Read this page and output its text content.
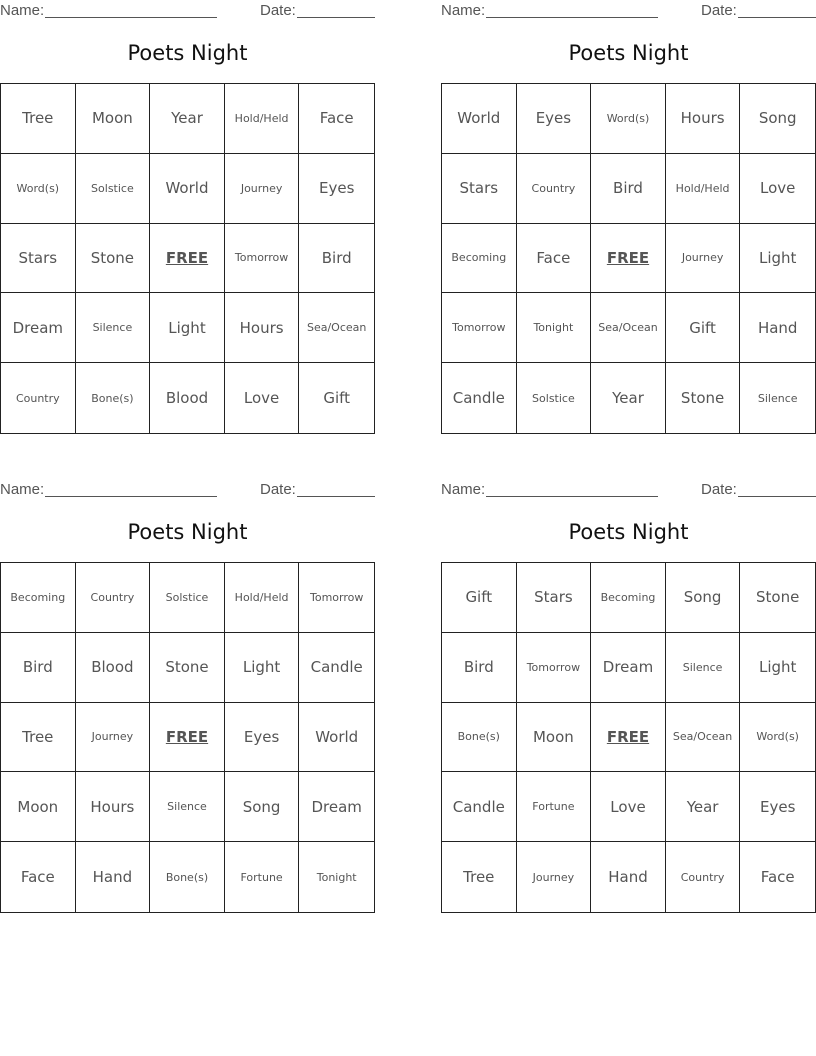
Name:	Date:
Poets Night
Tree	Moon	Year	Hold/Held	Face
Word(s)	Solstice	World	Journey	Eyes
Stars	Stone	FREE	Tomorrow	Bird
Dream	Silence	Light	Hours	Sea/Ocean
Country	Bone(s)	Blood	Love	Gift
Name:	Date:
Poets Night
World	Eyes	Word(s)	Hours	Song
Stars	Country	Bird	Hold/Held	Love
Becoming	Face	FREE	Journey	Light
Tomorrow	Tonight	Sea/Ocean	Gift	Hand
Candle	Solstice	Year	Stone	Silence
Name:	Date:
Poets Night
Becoming	Country	Solstice	Hold/Held	Tomorrow
Bird	Blood	Stone	Light	Candle
Tree	Journey	FREE	Eyes	World
Moon	Hours	Silence	Song	Dream
Face	Hand	Bone(s)	Fortune	Tonight
Name:	Date:
Poets Night
Gift	Stars	Becoming	Song	Stone
Bird	Tomorrow	Dream	Silence	Light
Bone(s)	Moon	FREE	Sea/Ocean	Word(s)
Candle	Fortune	Love	Year	Eyes
Tree	Journey	Hand	Country	Face
